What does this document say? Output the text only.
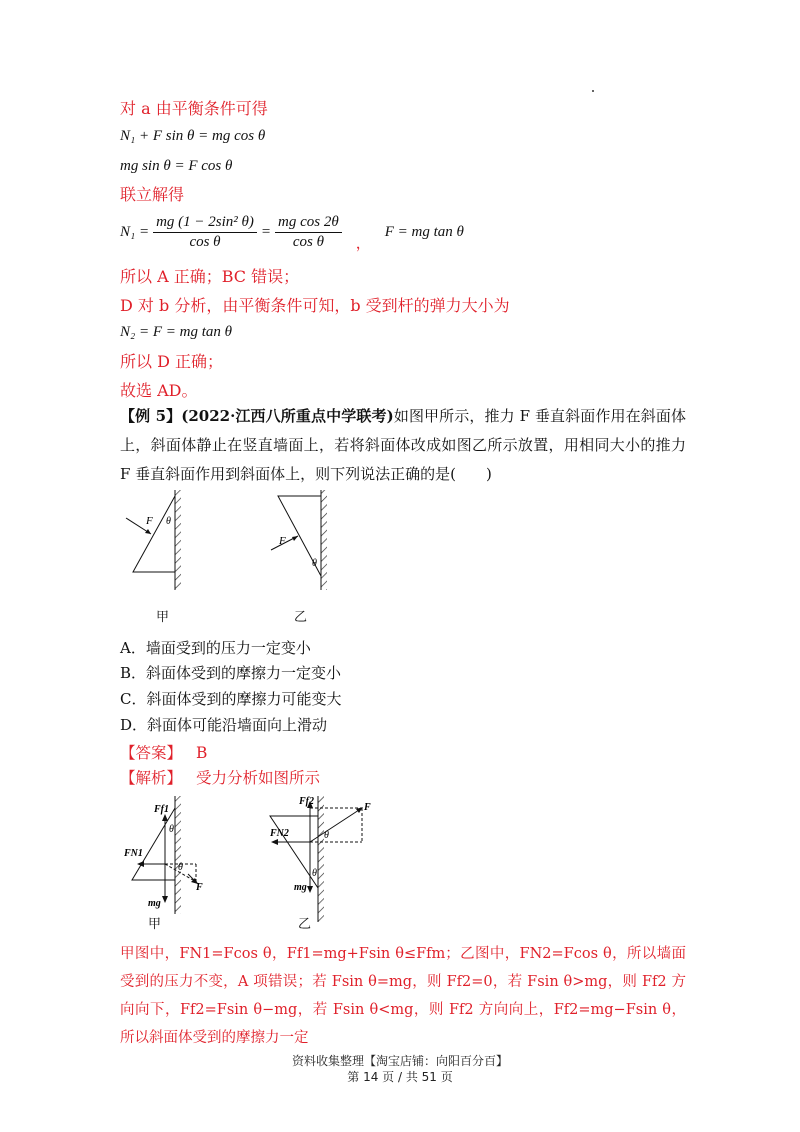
对 a 由平衡条件可得
N₁ + F sin θ = mg cos θ
mg sin θ = F cos θ
联立解得
$N_1 = \frac{\text{mg (1 − 2sin² θ)}}{\text{cos θ}} = \frac{\text{mg cos 2θ}}{\text{cos θ}}$ ，
F = mg tan θ
所以 A 正确；BC 错误；
D 对 b 分析，由平衡条件可知，b 受到杆的弹力大小为
N₂ = F = mg tan θ
所以 D 正确；
故选 AD。
【例 5】(2022·江西八所重点中学联考)如图甲所示，推力 F 垂直斜面作用在斜面体上，斜面体静止在竖直墙面上，若将斜面体改成如图乙所示放置，用相同大小的推力 F 垂直斜面作用到斜面体上，则下列说法正确的是(　　)
F θ
F
θ
甲	乙
A．墙面受到的压力一定变小
B．斜面体受到的摩擦力一定变小
C．斜面体受到的摩擦力可能变大
D．斜面体可能沿墙面向上滑动
【答案】 B
【解析】 受力分析如图所示
Ff1
θ
FN1
θ
F
mg
Ff2
F
FN2	θ
θ
mg
甲	乙
甲图中，FN1=Fcos θ，Ff1=mg+Fsin θ≤Ffm；乙图中，FN2=Fcos θ，所以墙面受到的压力不变，A 项错误；若 Fsin θ=mg，则 Ff2=0，若 Fsin θ>mg，则 Ff2 方向向下，Ff2=Fsin θ−mg，若 Fsin θ<mg，则 Ff2 方向向上，Ff2=mg−Fsin θ，所以斜面体受到的摩擦力一定
资料收集整理【淘宝店铺：向阳百分百】
第 14 页 / 共 51 页
